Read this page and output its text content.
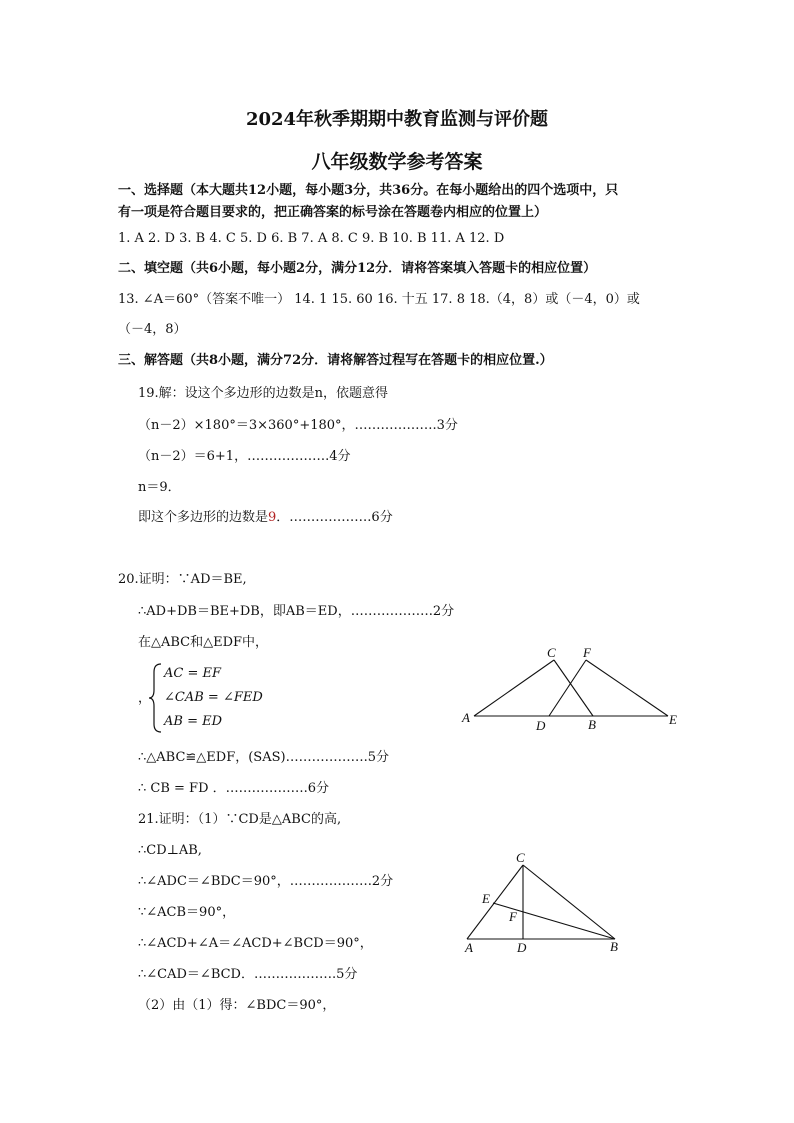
2024年秋季期期中教育监测与评价题
八年级数学参考答案
一、选择题（本大题共12小题，每小题3分，共36分。在每小题给出的四个选项中，只
有一项是符合题目要求的，把正确答案的标号涂在答题卷内相应的位置上）
1. A 2. D 3. B 4. C 5. D 6. B 7. A 8. C 9. B 10. B 11. A 12. D
二、填空题（共6小题，每小题2分，满分12分．请将答案填入答题卡的相应位置）
13. ∠A＝60°（答案不唯一） 14. 1 15. 60 16. 十五 17. 8 18.（4，8）或（－4，0）或
（－4，8）
三、解答题（共8小题，满分72分．请将解答过程写在答题卡的相应位置.）
19.解：设这个多边形的边数是n，依题意得
（n－2）×180°＝3×360°+180°，……………….3分
（n－2）＝6+1，……………….4分
n＝9．
即这个多边形的边数是9．……………….6分
20.证明：∵AD＝BE,
∴AD+DB＝BE+DB，即AB＝ED，……………….2分
在△ABC和△EDF中，
，
AC = EF
∠CAB = ∠FED
AB = ED
∴△ABC≌△EDF，(SAS)……………….5分
∴ CB = FD ．……………….6分
A
D	B	E
C F
21.证明：（1）∵CD是△ABC的高,
∴CD⊥AB,
∴∠ADC＝∠BDC＝90°，……………….2分
∵∠ACB＝90°，
∴∠ACD+∠A＝∠ACD+∠BCD＝90°，
∴∠CAD＝∠BCD．……………….5分
（2）由（1）得：∠BDC＝90°，
C
E
F
A	D	B
